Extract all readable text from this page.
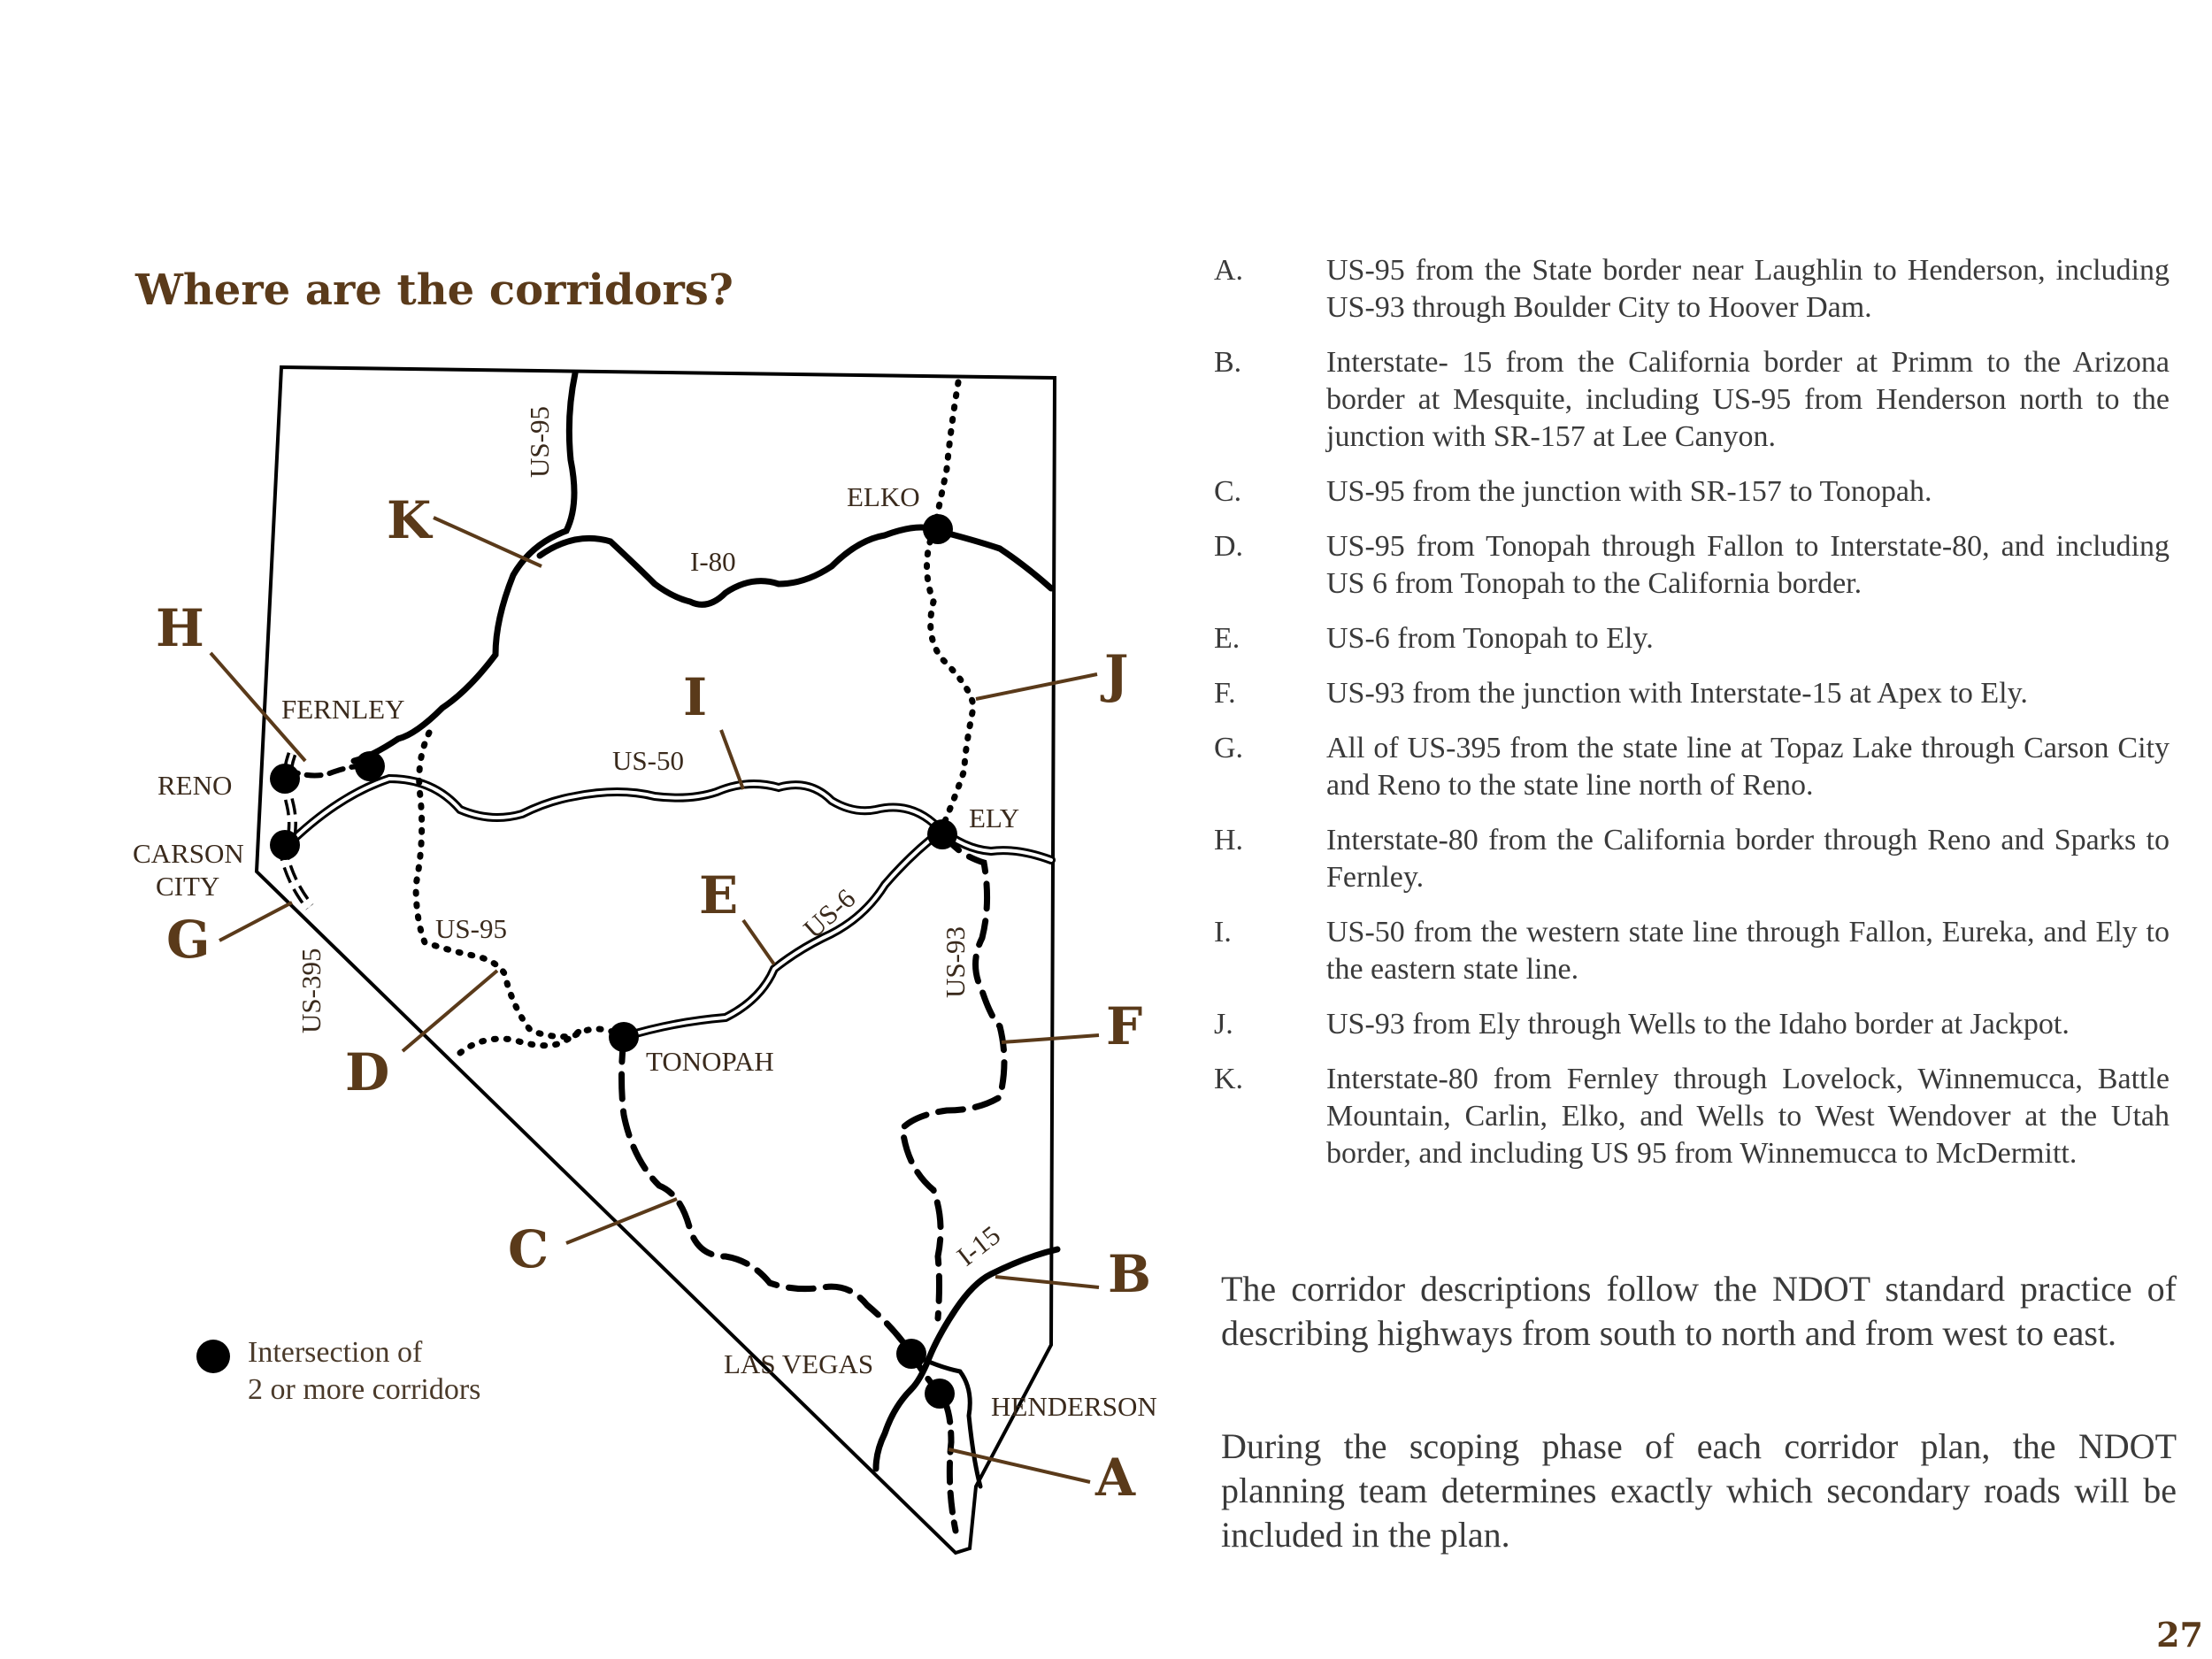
Where are the corridors?
K
H
I	J
G
E
D
F
C	B
A
ELKO
FERNLEY
RENO
CARSON
CITY
ELY
TONOPAH
LAS VEGAS
HENDERSON
US-95
I-80
US-50
US-6
US-95
US-395	US-93
I-15
Intersection of
2 or more corridors
A.	US-95 from the State border near Laughlin to Henderson, including US-93 through Boulder City to Hoover Dam.
B.	Interstate- 15 from the California border at Primm to the Arizona border at Mesquite, including US-95 from Henderson north to the junction with SR-157 at Lee Canyon.
C.	US-95 from the junction with SR-157 to Tonopah.
D.	US-95 from Tonopah through Fallon to Interstate-80, and including US 6 from Tonopah to the California border.
E.	US-6 from Tonopah to Ely.
F.	US-93 from the junction with Interstate-15 at Apex to Ely.
G.	All of US-395 from the state line at Topaz Lake through Carson City and Reno to the state line north of Reno.
H.	Interstate-80 from the California border through Reno and Sparks to Fernley.
I.	US-50 from the western state line through Fallon, Eureka, and Ely to the eastern state line.
J.	US-93 from Ely through Wells to the Idaho border at Jackpot.
K.	Interstate-80 from Fernley through Lovelock, Winnemucca, Battle Mountain, Carlin, Elko, and Wells to West Wendover at the Utah border, and including US 95 from Winnemucca to McDermitt.
The corridor descriptions follow the NDOT standard practice of describing highways from south to north and from west to east.
During the scoping phase of each corridor plan, the NDOT planning team determines exactly which secondary roads will be included in the plan.
27
